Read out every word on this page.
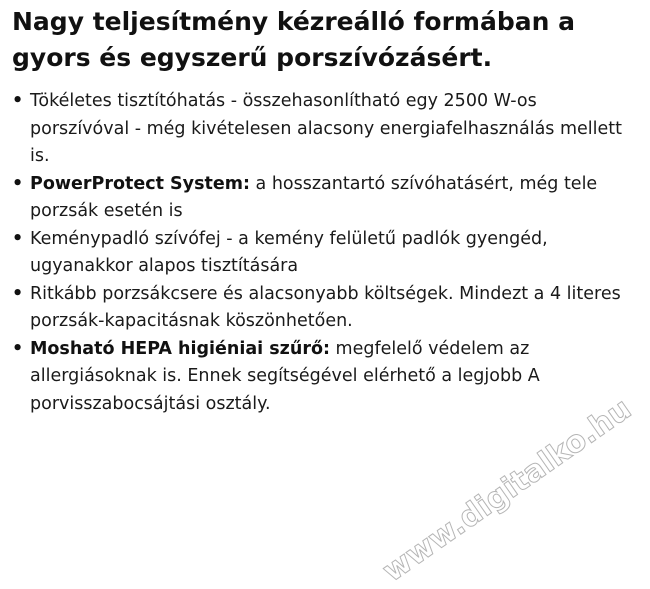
Nagy teljesítmény kézreálló formában a gyors és egyszerű porszívózásért.
• Tökéletes tisztítóhatás - összehasonlítható egy 2500 W-os porszívóval - még kivételesen alacsony energiafelhasználás mellett is.
• PowerProtect System: a hosszantartó szívóhatásért, még tele porzsák esetén is
• Keménypadló szívófej - a kemény felületű padlók gyengéd, ugyanakkor alapos tisztítására
• Ritkább porzsákcsere és alacsonyabb költségek. Mindezt a 4 literes porzsák-kapacitásnak köszönhetően.
• Mosható HEPA higiéniai szűrő: megfelelő védelem az allergiásoknak is. Ennek segítségével elérhető a legjobb A porvisszabocsájtási osztály.	www.digitalko.hu
